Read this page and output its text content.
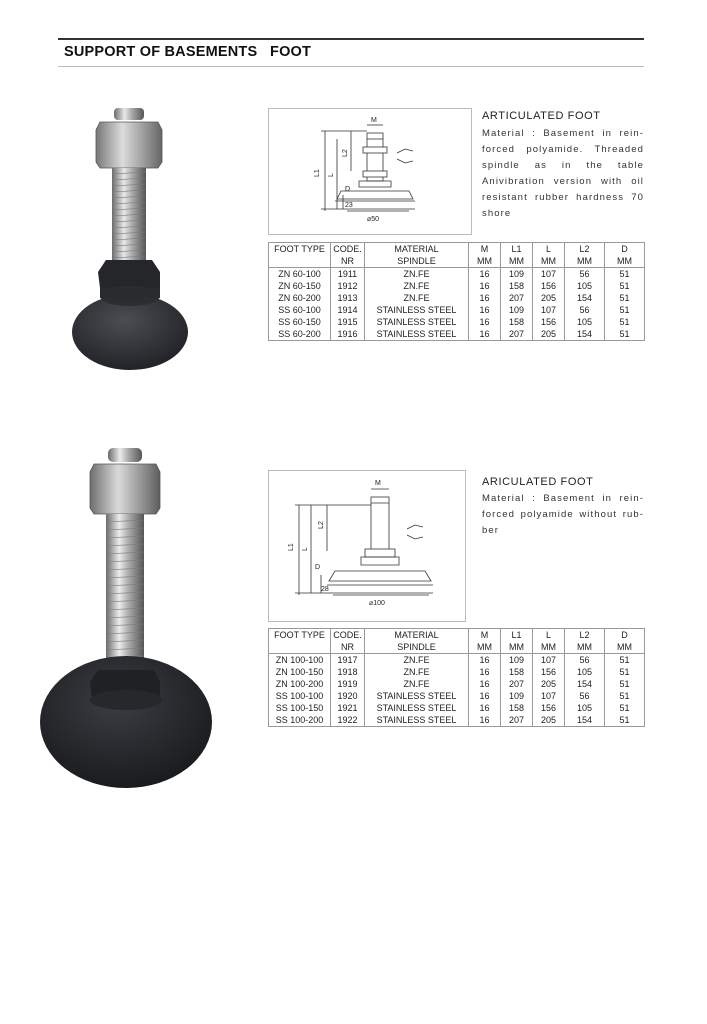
SUPPORT OF BASEMENTS   FOOT
M
L1 L
L2
D
23
⌀50
ARTICULATED FOOT
Material : Basement in rein-forced polyamide. Threaded spindle as in the table Anivibration version with oil resistant rubber hardness 70 shore
FOOT TYPE	CODE.	MATERIAL	M	L1	L	L2	D
	NR	SPINDLE	MM	MM	MM	MM	MM
ZN 60-100	1911	ZN.FE	16	109	107	56	51
ZN 60-150	1912	ZN.FE	16	158	156	105	51
ZN 60-200	1913	ZN.FE	16	207	205	154	51
SS 60-100	1914	STAINLESS STEEL	16	109	107	56	51
SS 60-150	1915	STAINLESS STEEL	16	158	156	105	51
SS 60-200	1916	STAINLESS STEEL	16	207	205	154	51
M
L1 L
L2
D
28
⌀100
ARICULATED FOOT
Material : Basement in rein-forced polyamide without rub-ber
FOOT TYPE	CODE.	MATERIAL	M	L1	L	L2	D
	NR	SPINDLE	MM	MM	MM	MM	MM
ZN 100-100	1917	ZN.FE	16	109	107	56	51
ZN 100-150	1918	ZN.FE	16	158	156	105	51
ZN 100-200	1919	ZN.FE	16	207	205	154	51
SS 100-100	1920	STAINLESS STEEL	16	109	107	56	51
SS 100-150	1921	STAINLESS STEEL	16	158	156	105	51
SS 100-200	1922	STAINLESS STEEL	16	207	205	154	51
